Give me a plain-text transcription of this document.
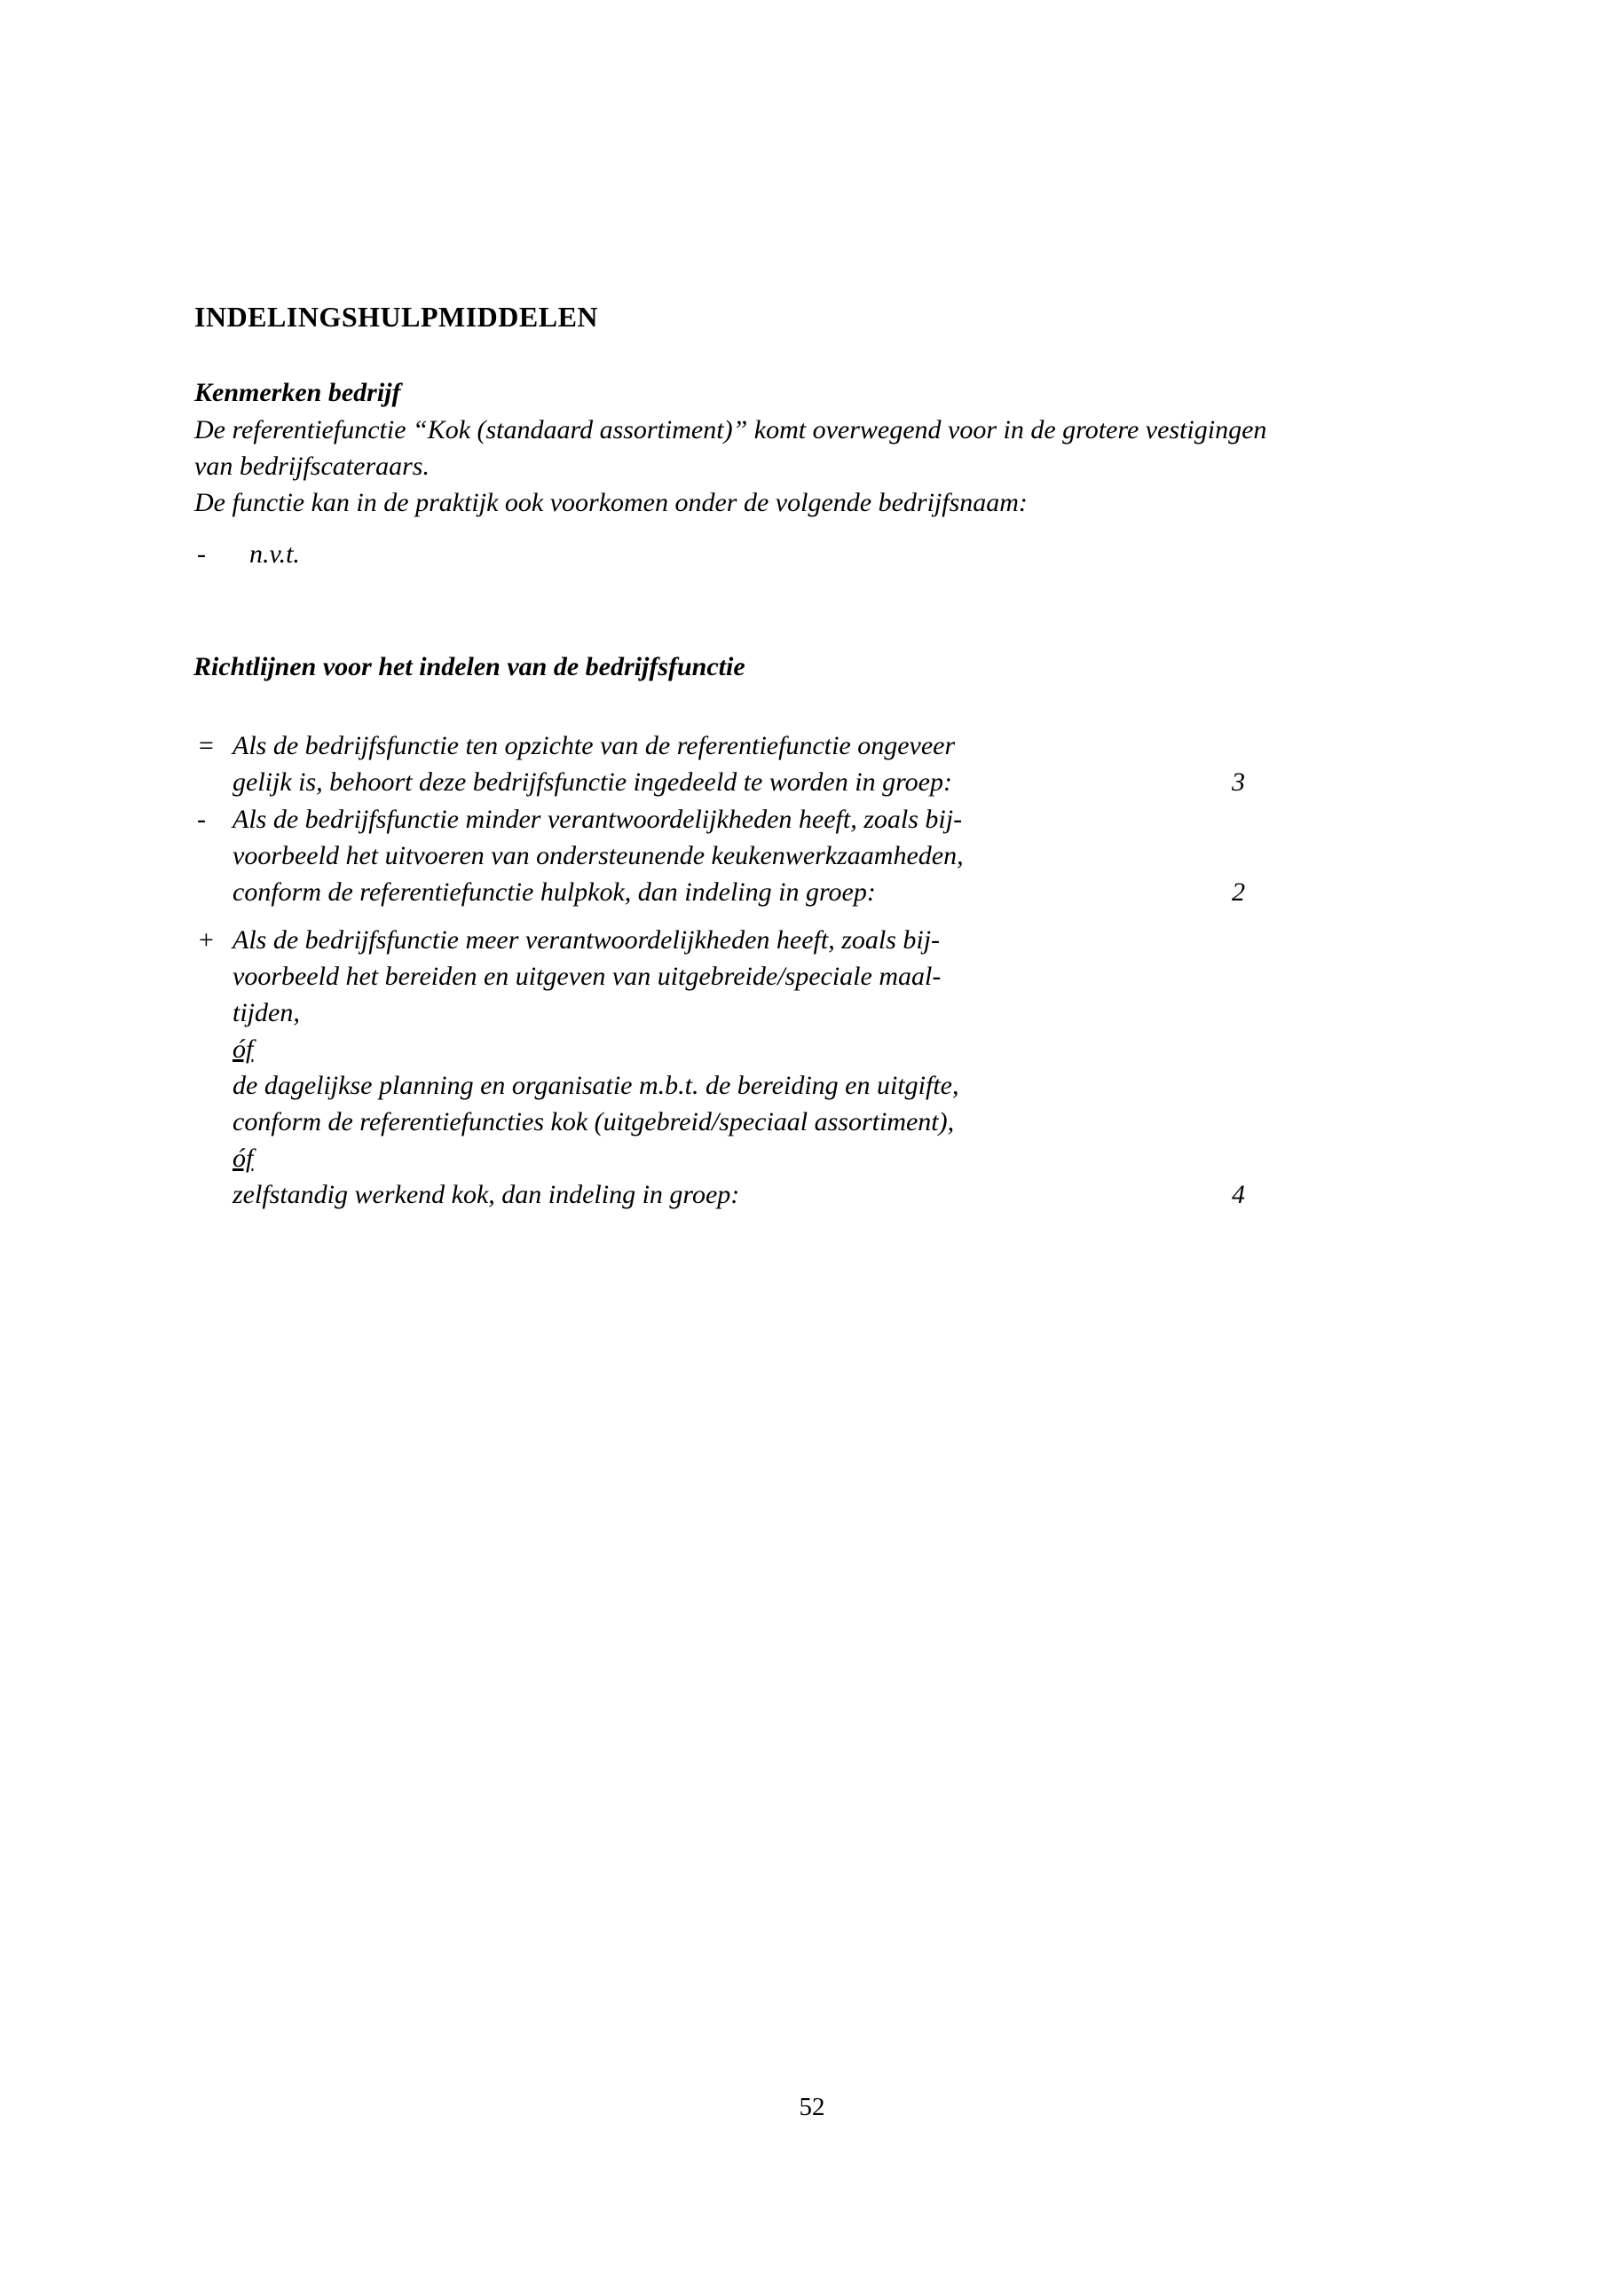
INDELINGSHULPMIDDELEN
Kenmerken bedrijf
De referentiefunctie “Kok (standaard assortiment)” komt overwegend voor in de grotere vestigingen
van bedrijfscateraars.
De functie kan in de praktijk ook voorkomen onder de volgende bedrijfsnaam:
- n.v.t.
Richtlijnen voor het indelen van de bedrijfsfunctie
= Als de bedrijfsfunctie ten opzichte van de referentiefunctie ongeveer
gelijk is, behoort deze bedrijfsfunctie ingedeeld te worden in groep:	3
-	Als de bedrijfsfunctie minder verantwoordelijkheden heeft, zoals bij-
voorbeeld het uitvoeren van ondersteunende keukenwerkzaamheden,
conform de referentiefunctie hulpkok, dan indeling in groep:	2
+ Als de bedrijfsfunctie meer verantwoordelijkheden heeft, zoals bij-
voorbeeld het bereiden en uitgeven van uitgebreide/speciale maal-
tijden,
óf
de dagelijkse planning en organisatie m.b.t. de bereiding en uitgifte,
conform de referentiefuncties kok (uitgebreid/speciaal assortiment),
óf
zelfstandig werkend kok, dan indeling in groep:	4
52
